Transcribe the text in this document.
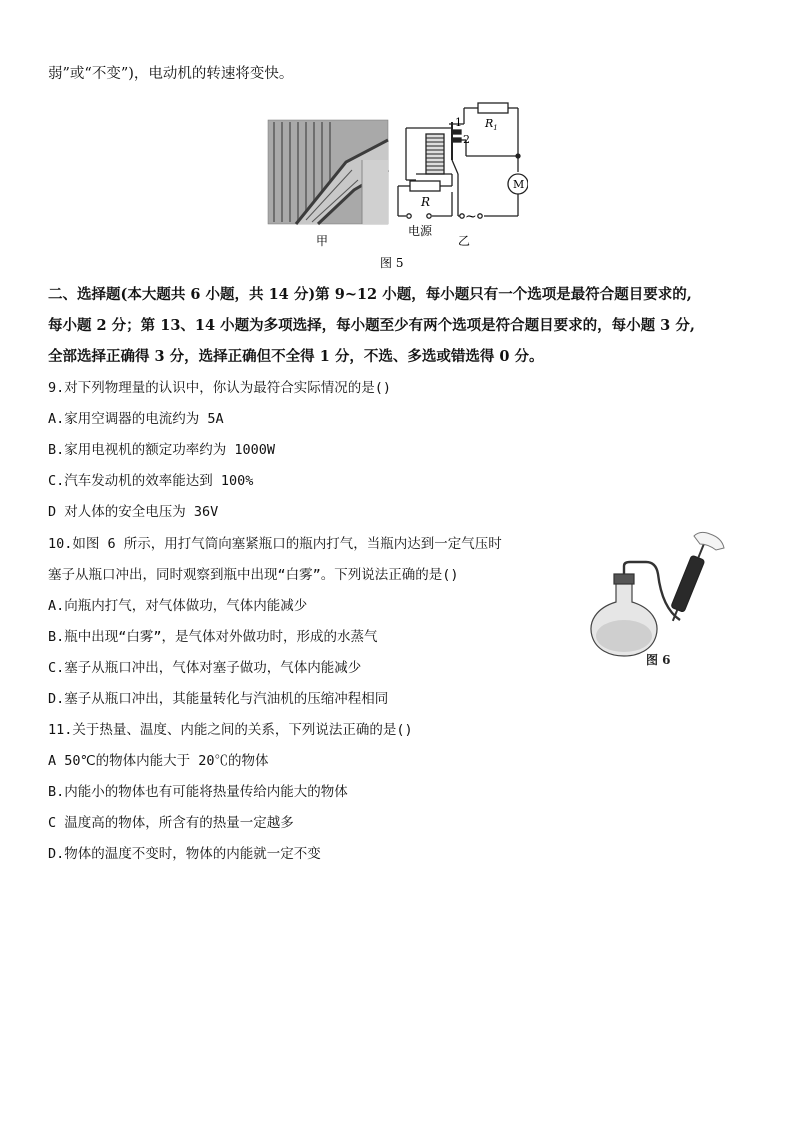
弱”或“不变”)，电动机的转速将变快。
$R_1$
M
1
2
R
~
电源
甲	乙
图 5
二、选择题(本大题共 6 小题，共 14 分)第 9~12 小题，每小题只有一个选项是最符合题目要求的,
每小题 2 分；第 13、14 小题为多项选择，每小题至少有两个选项是符合题目要求的，每小题 3 分,
全部选择正确得 3 分，选择正确但不全得 1 分，不选、多选或错选得 0 分。
9.对下列物理量的认识中，你认为最符合实际情况的是()
A.家用空调器的电流约为 5A
B.家用电视机的额定功率约为 1000W
C.汽车发动机的效率能达到 100%
D 对人体的安全电压为 36V
10.如图 6 所示，用打气筒向塞紧瓶口的瓶内打气，当瓶内达到一定气压时
塞子从瓶口冲出，同时观察到瓶中出现“白雾”。下列说法正确的是()
A.向瓶内打气，对气体做功，气体内能减少
B.瓶中出现“白雾”，是气体对外做功时，形成的水蒸气
C.塞子从瓶口冲出，气体对塞子做功，气体内能减少
D.塞子从瓶口冲出，其能量转化与汽油机的压缩冲程相同
图 6
11.关于热量、温度、内能之间的关系，下列说法正确的是()
A 50℃的物体内能大于 20℃的物体
B.内能小的物体也有可能将热量传给内能大的物体
C 温度高的物体，所含有的热量一定越多
D.物体的温度不变时，物体的内能就一定不变
